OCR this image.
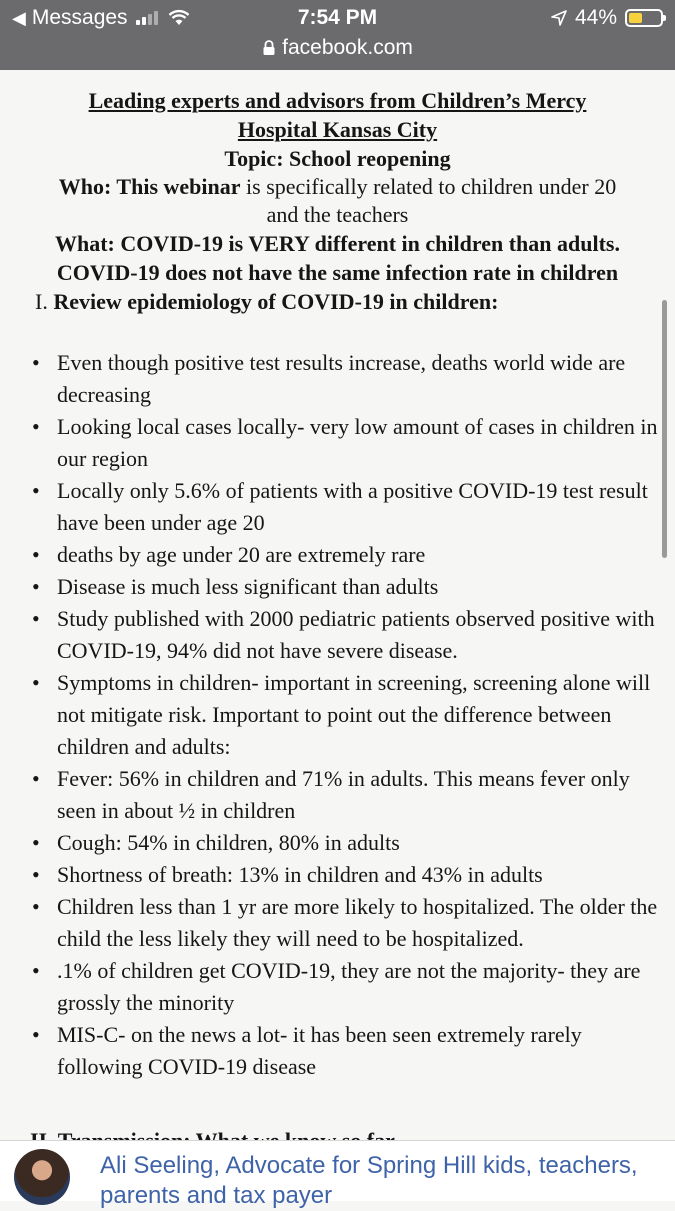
◀ Messages	7:54 PM	44%
facebook.com
Leading experts and advisors from Children’s Mercy
Hospital Kansas City
Topic: School reopening
Who: This webinar is specifically related to children under 20
and the teachers
What: COVID-19 is VERY different in children than adults.
COVID-19 does not have the same infection rate in children
I. Review epidemiology of COVID-19 in children:
• Even though positive test results increase, deaths world wide are decreasing
• Looking local cases locally- very low amount of cases in children in our region
• Locally only 5.6% of patients with a positive COVID-19 test result have been under age 20
• deaths by age under 20 are extremely rare
• Disease is much less significant than adults
• Study published with 2000 pediatric patients observed positive with COVID-19, 94% did not have severe disease.
• Symptoms in children- important in screening, screening alone will not mitigate risk. Important to point out the difference between children and adults:
• Fever: 56% in children and 71% in adults. This means fever only seen in about ½ in children
• Cough: 54% in children, 80% in adults
• Shortness of breath: 13% in children and 43% in adults
• Children less than 1 yr are more likely to hospitalized. The older the child the less likely they will need to be hospitalized.
• .1% of children get COVID-19, they are not the majority- they are grossly the minority
• MIS-C- on the news a lot- it has been seen extremely rarely following COVID-19 disease
Ali Seeling, Advocate for Spring Hill kids, teachers, parents and tax payer
